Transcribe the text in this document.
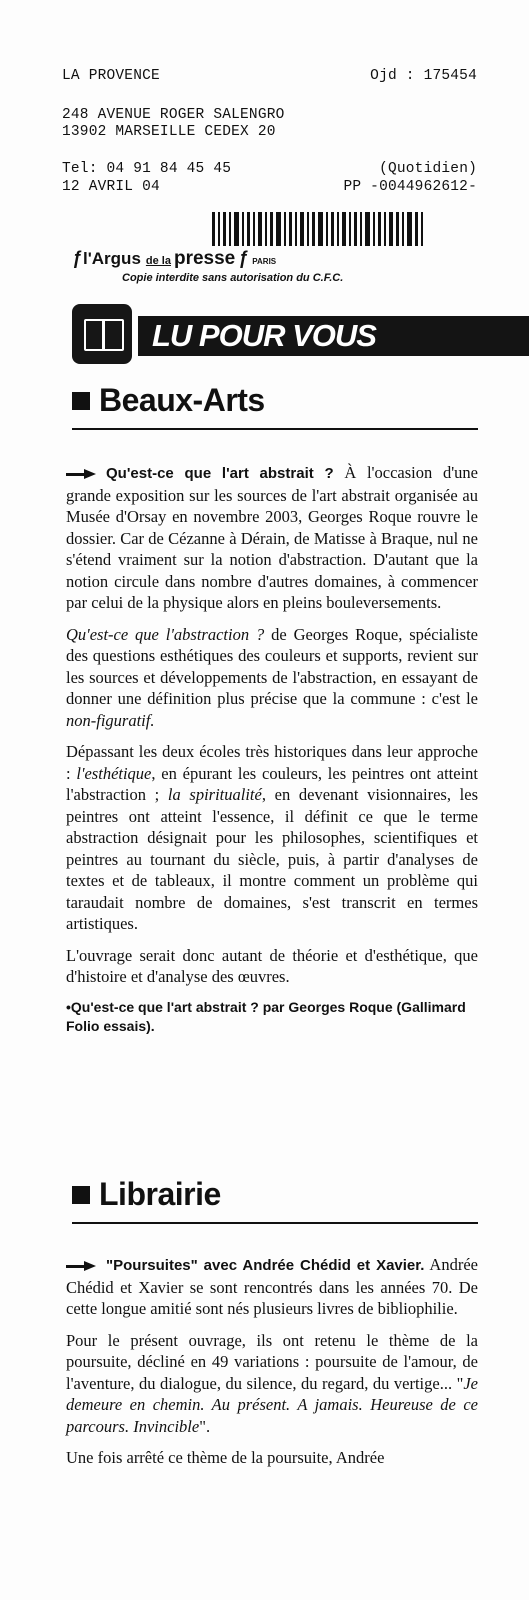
LA PROVENCE	Ojd : 175454
248 AVENUE ROGER SALENGRO
13902 MARSEILLE CEDEX 20
Tel: 04 91 84 45 45	(Quotidien)
12 AVRIL 04	PP -0044962612-
ƒ l'Argus de la presse ƒ PARIS
Copie interdite sans autorisation du C.F.C.
LU POUR VOUS
Beaux-Arts

Qu'est-ce que l'art abstrait ? À l'occasion d'une grande exposition sur les sources de l'art abstrait organisée au Musée d'Orsay en novembre 2003, Georges Roque rouvre le dossier. Car de Cézanne à Dérain, de Matisse à Braque, nul ne s'étend vraiment sur la notion d'abstraction. D'autant que la notion circule dans nombre d'autres domaines, à commencer par celui de la physique alors en pleins bouleversements.

Qu'est-ce que l'abstraction ? de Georges Roque, spécialiste des questions esthétiques des couleurs et supports, revient sur les sources et développements de l'abstraction, en essayant de donner une définition plus précise que la commune : c'est le non-figuratif.

Dépassant les deux écoles très historiques dans leur approche : l'esthétique, en épurant les couleurs, les peintres ont atteint l'abstraction ; la spiritualité, en devenant visionnaires, les peintres ont atteint l'essence, il définit ce que le terme abstraction désignait pour les philosophes, scientifiques et peintres au tournant du siècle, puis, à partir d'analyses de textes et de tableaux, il montre comment un problème qui taraudait nombre de domaines, s'est transcrit en termes artistiques.

L'ouvrage serait donc autant de théorie et d'esthétique, que d'histoire et d'analyse des œuvres.

•Qu'est-ce que l'art abstrait ? par Georges Roque (Gallimard Folio essais).
Librairie

"Poursuites" avec Andrée Chédid et Xavier. Andrée Chédid et Xavier se sont rencontrés dans les années 70. De cette longue amitié sont nés plusieurs livres de bibliophilie.

Pour le présent ouvrage, ils ont retenu le thème de la poursuite, décliné en 49 variations : poursuite de l'amour, de l'aventure, du dialogue, du silence, du regard, du vertige... "Je demeure en chemin. Au présent. A jamais. Heureuse de ce parcours. Invincible".

Une fois arrêté ce thème de la poursuite, Andrée
